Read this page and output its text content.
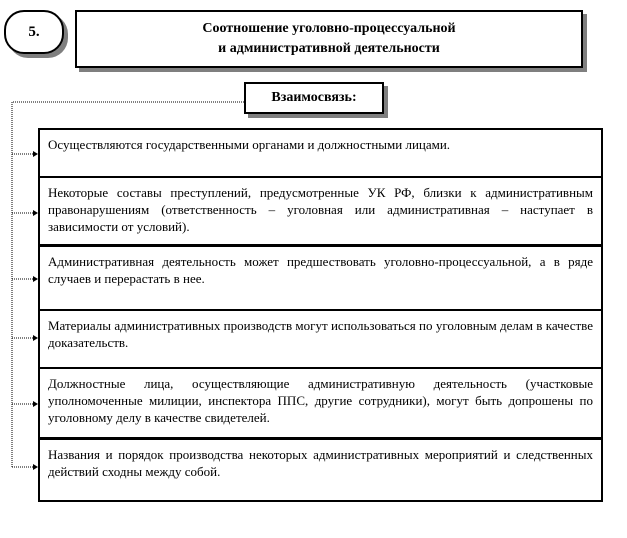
5.	Соотношение уголовно-процессуальной
и административной деятельности
Взаимосвязь:
Осуществляются государственными органами и должностными лицами.
Некоторые составы преступлений, предусмотренные УК РФ, близки к административным правонарушениям (ответственность – уголовная или административная – наступает в зависимости от условий).
Административная деятельность может предшествовать уголовно-процессуальной, а в ряде случаев и перерастать в нее.
Материалы административных производств могут использоваться по уголовным делам в качестве доказательств.
Должностные лица, осуществляющие административную деятельность (участковые уполномоченные милиции, инспектора ППС, другие сотрудники), могут быть допрошены по уголовному делу в качестве свидетелей.
Названия и порядок производства некоторых административных мероприятий и следственных действий сходны между собой.
